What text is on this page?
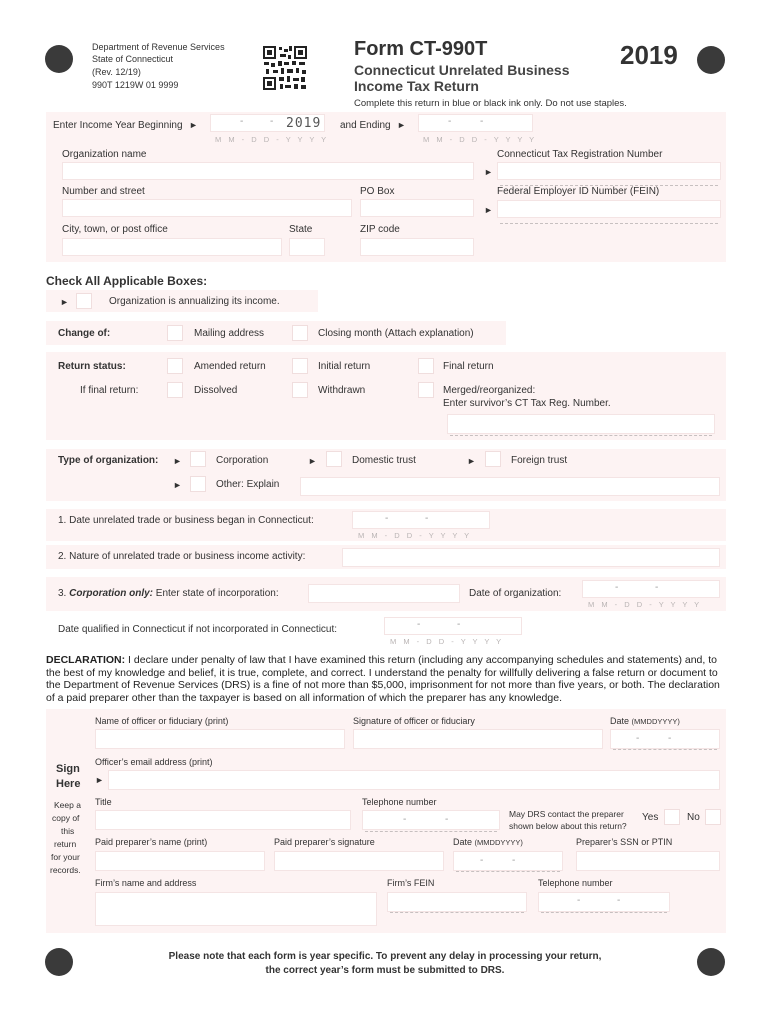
Department of Revenue Services
State of Connecticut
(Rev. 12/19)
990T 1219W 01 9999
Form CT-990T
Connecticut Unrelated Business
Income Tax Return
2019
Complete this return in blue or black ink only. Do not use staples.
Enter Income Year Beginning ►	-	- 2019
M M - D D - Y Y Y Y
and Ending ►	-	-
M M - D D - Y Y Y Y
Organization name	Connecticut Tax Registration Number
►
Number and street	PO Box	Federal Employer ID Number (FEIN)
►
City, town, or post office	State	ZIP code
Check All Applicable Boxes:
►	Organization is annualizing its income.
Change of:	Mailing address	Closing month (Attach explanation)
Return status:	Amended return	Initial return	Final return
If final return:	Dissolved	Withdrawn	Merged/reorganized:
Enter survivor’s CT Tax Reg. Number.
Type of organization: ►	Corporation	►	Domestic trust	►	Foreign trust
►	Other: Explain
1. Date unrelated trade or business began in Connecticut:	-	-
M M - D D - Y Y Y Y
2. Nature of unrelated trade or business income activity:
3. Corporation only: Enter state of incorporation:	Date of organization:
-	-
M M - D D - Y Y Y Y
Date qualified in Connecticut if not incorporated in Connecticut:	-	-
M M - D D - Y Y Y Y
DECLARATION: I declare under penalty of law that I have examined this return (including any accompanying schedules and statements) and, to the best of my knowledge and belief, it is true, complete, and correct. I understand the penalty for willfully delivering a false return or document to the Department of Revenue Services (DRS) is a fine of not more than $5,000, imprisonment for not more than five years, or both. The declaration of a paid preparer other than the taxpayer is based on all information of which the preparer has any knowledge.
Sign
Here
Keep a
copy of
this
return
for your
records.
Name of officer or fiduciary (print)	Signature of officer or fiduciary	Date (MMDDYYYY)
-	-
Officer’s email address (print)
►
Title	Telephone number
-	-	May DRS contact the preparer
shown below about this return?
Yes	No
Paid preparer’s name (print)	Paid preparer’s signature	Date (MMDDYYYY)
-	-
Preparer’s SSN or PTIN
Firm’s name and address	Firm’s FEIN	Telephone number
-	-
Please note that each form is year specific. To prevent any delay in processing your return,
the correct year’s form must be submitted to DRS.
